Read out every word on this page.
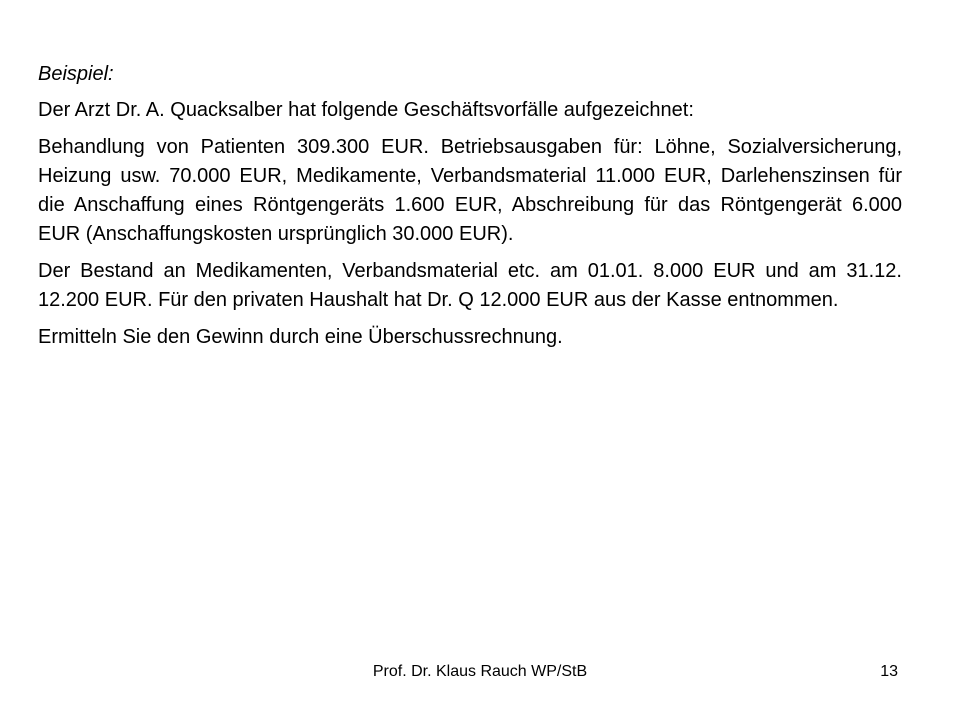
Beispiel:

Der Arzt Dr. A. Quacksalber hat folgende Geschäftsvorfälle aufgezeichnet:

Behandlung von Patienten 309.300 EUR. Betriebsausgaben für: Löhne, Sozialversicherung, Heizung usw. 70.000 EUR, Medikamente, Verbandsmaterial 11.000 EUR, Darlehenszinsen für die Anschaffung eines Röntgengeräts 1.600 EUR, Abschreibung für das Röntgengerät 6.000 EUR (Anschaffungskosten ursprünglich 30.000 EUR).

Der Bestand an Medikamenten, Verbandsmaterial etc. am 01.01. 8.000 EUR und am 31.12. 12.200 EUR. Für den privaten Haushalt hat Dr. Q 12.000 EUR aus der Kasse entnommen.

Ermitteln Sie den Gewinn durch eine Überschussrechnung.

Prof. Dr. Klaus Rauch WP/StB	13
